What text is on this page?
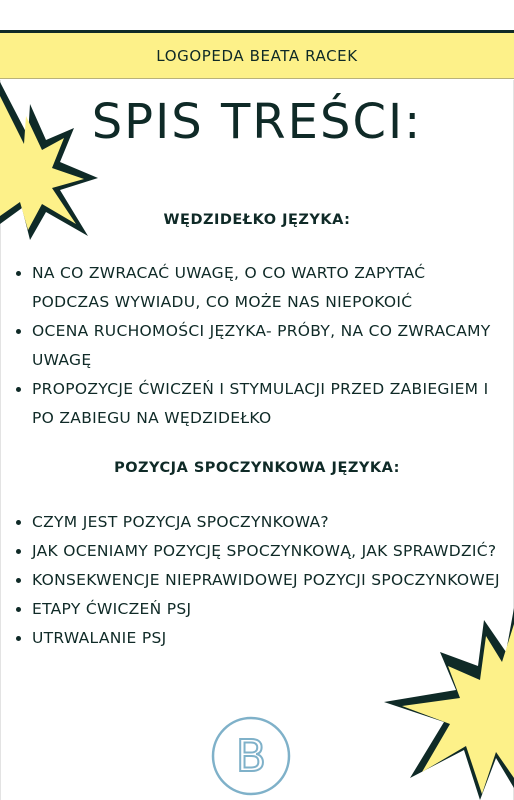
LOGOPEDA BEATA RACEK
SPIS TREŚCI:
WĘDZIDEŁKO JĘZYKA:
NA CO ZWRACAĆ UWAGĘ, O CO WARTO ZAPYTAĆ PODCZAS WYWIADU, CO MOŻE NAS NIEPOKOIĆ
OCENA RUCHOMOŚCI JĘZYKA- PRÓBY, NA CO ZWRACAMY UWAGĘ
PROPOZYCJE ĆWICZEŃ I STYMULACJI PRZED ZABIEGIEM I PO ZABIEGU NA WĘDZIDEŁKO
POZYCJA SPOCZYNKOWA JĘZYKA:
CZYM JEST POZYCJA SPOCZYNKOWA?
JAK OCENIAMY POZYCJĘ SPOCZYNKOWĄ, JAK SPRAWDZIĆ?
KONSEKWENCJE NIEPRAWIDOWEJ POZYCJI SPOCZYNKOWEJ
ETAPY ĆWICZEŃ PSJ
UTRWALANIE PSJ
B
